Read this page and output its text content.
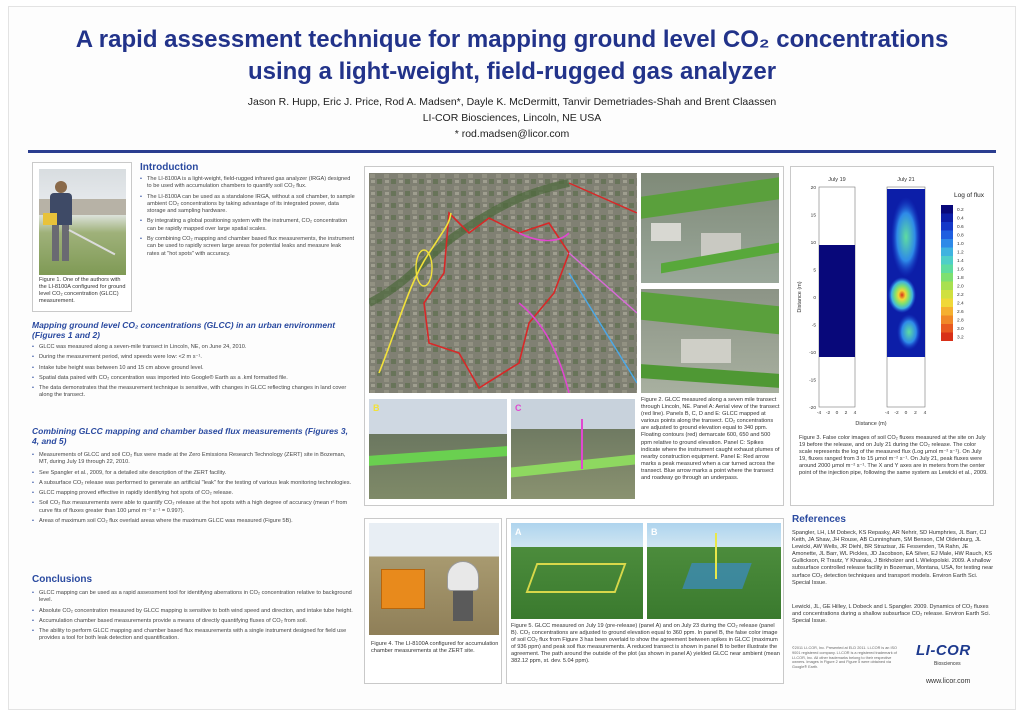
A rapid assessment technique for mapping ground level CO₂ concentrations
using a light-weight, field-rugged gas analyzer
Jason R. Hupp, Eric J. Price, Rod A. Madsen*, Dayle K. McDermitt, Tanvir Demetriades-Shah and Brent Claassen
LI-COR Biosciences, Lincoln, NE USA
* rod.madsen@licor.com
Figure 1. One of the authors with the LI-8100A configured for ground level CO₂ concentration (GLCC) measurement.
Introduction
• The LI-8100A is a light-weight, field-rugged infrared gas analyzer (IRGA) designed to be used with accumulation chambers to quantify soil CO₂ flux.
• The LI-8100A can be used as a standalone IRGA, without a soil chamber, to sample ambient CO₂ concentrations by taking advantage of its integrated power, data storage and sampling hardware.
• By integrating a global positioning system with the instrument, CO₂ concentration can be rapidly mapped over large spatial scales.
• By combining CO₂ mapping and chamber based flux measurements, the instrument can be used to rapidly screen large areas for potential leaks and measure leak rates at "hot spots" with accuracy.
Mapping ground level CO₂ concentrations (GLCC) in an urban environment (Figures 1 and 2)
• GLCC was measured along a seven-mile transect in Lincoln, NE, on June 24, 2010.
• During the measurement period, wind speeds were low: <2 m s⁻¹.
• Intake tube height was between 10 and 15 cm above ground level.
• Spatial data paired with CO₂ concentration was imported into Google® Earth as a .kml formatted file.
• The data demonstrates that the measurement technique is sensitive, with changes in GLCC reflecting changes in land cover along the transect.
Combining GLCC mapping and chamber based flux measurements (Figures 3, 4, and 5)
• Measurements of GLCC and soil CO₂ flux were made at the Zero Emissions Research Technology (ZERT) site in Bozeman, MT, during July 19 through 22, 2010.
• See Spangler et al., 2009, for a detailed site description of the ZERT facility.
• A subsurface CO₂ release was performed to generate an artificial "leak" for the testing of various leak monitoring technologies.
• GLCC mapping proved effective in rapidly identifying hot spots of CO₂ release.
• Soil CO₂ flux measurements were able to quantify CO₂ release at the hot spots with a high degree of accuracy (mean r² from curve fits of fluxes greater than 100 μmol m⁻² s⁻¹ = 0.997).
• Areas of maximum soil CO₂ flux overlaid areas where the maximum GLCC was measured (Figure 5B).
Conclusions
• GLCC mapping can be used as a rapid assessment tool for identifying aberrations in CO₂ concentration relative to background level.
• Absolute CO₂ concentration measured by GLCC mapping is sensitive to both wind speed and direction, and intake tube height.
• Accumulation chamber based measurements provide a means of directly quantifying fluxes of CO₂ from soil.
• The ability to perform GLCC mapping and chamber based flux measurements with a single instrument designed for field use provides a tool for both leak detection and quantification.
B	C
Figure 2. GLCC measured along a seven mile transect through Lincoln, NE. Panel A: Aerial view of the transect (red line). Panels B, C, D and E: GLCC mapped at various points along the transect. CO₂ concentrations are adjusted to ground elevation equal to 340 ppm. Floating contours (red) demarcate 600, 650 and 500 ppm relative to ground elevation. Panel C: Spikes indicate where the instrument caught exhaust plumes of nearby construction equipment. Panel E: Red arrow marks a peak measured when a car turned across the transect. Blue arrow marks a point where the transect and roadway go through an underpass.
Figure 4. The LI-8100A configured for accumulation chamber measurements at the ZERT site.
A	B
Figure 5. GLCC measured on July 19 (pre-release) (panel A) and on July 23 during the CO₂ release (panel B). CO₂ concentrations are adjusted to ground elevation equal to 360 ppm. In panel B, the false color image of soil CO₂ flux from Figure 3 has been overlaid to show the agreement between spikes in GLCC (maximum of 936 ppm) and peak soil flux measurements. A reduced transect is shown in panel B to better illustrate the agreement. The path around the outside of the plot (as shown in panel A) yielded GLCC near ambient (mean 382.12 ppm, st. dev. 5.04 ppm).
July 19	July 21
20
15
10
5
0
-5
-10
-15
-20
-4 -2 0 2 4	-4 -2 0 2 4
Distance (m)
Distance (m)
Log of flux
0.2
0.4
0.6
0.8
1.0
1.2
1.4
1.6
1.8
2.0
2.2
2.4
2.6
2.8
3.0
3.2
Figure 3. False color images of soil CO₂ fluxes measured at the site on July 19 before the release, and on July 21 during the CO₂ release. The color scale represents the log of the measured flux (Log μmol m⁻² s⁻¹). On July 19, fluxes ranged from 3 to 15 μmol m⁻² s⁻¹. On July 21, peak fluxes were around 2000 μmol m⁻² s⁻¹. The X and Y axes are in meters from the center point of the injection pipe, following the same system as Lewicki et al., 2009.
References
Spangler, LH, LM Dobeck, KS Repasky, AR Nehrir, SD Humphries, JL Barr, CJ Keith, JA Shaw, JH Rouse, AB Cunningham, SM Benson, CM Oldenburg, JL Lewicki, AW Wells, JR Diehl, BR Strazisar, JE Fessenden, TA Rahn, JE Amonette, JL Barr, WL Pickles, JD Jacobson, EA Silver, EJ Male, HW Rauch, KS Gullickson, R Trautz, Y Kharaka, J Birkholzer and L Wielopolski. 2009. A shallow subsurface controlled release facility in Bozeman, Montana, USA, for testing near surface CO₂ detection techniques and transport models. Environ Earth Sci. Special Issue.
Lewicki, JL, GE Hilley, L Dobeck and L Spangler. 2009. Dynamics of CO₂ fluxes and concentrations during a shallow subsurface CO₂ release. Environ Earth Sci. Special Issue.
©2011 LI-COR, Inc. Presented at ELD 2011. LI-COR is an ISO 9001 registered company. LI-COR is a registered trademark of LI-COR, Inc. All other trademarks belong to their respective owners. Images in Figure 2 and Figure 5 were obtained via Google® Earth.
LI-COR
Biosciences
www.licor.com
